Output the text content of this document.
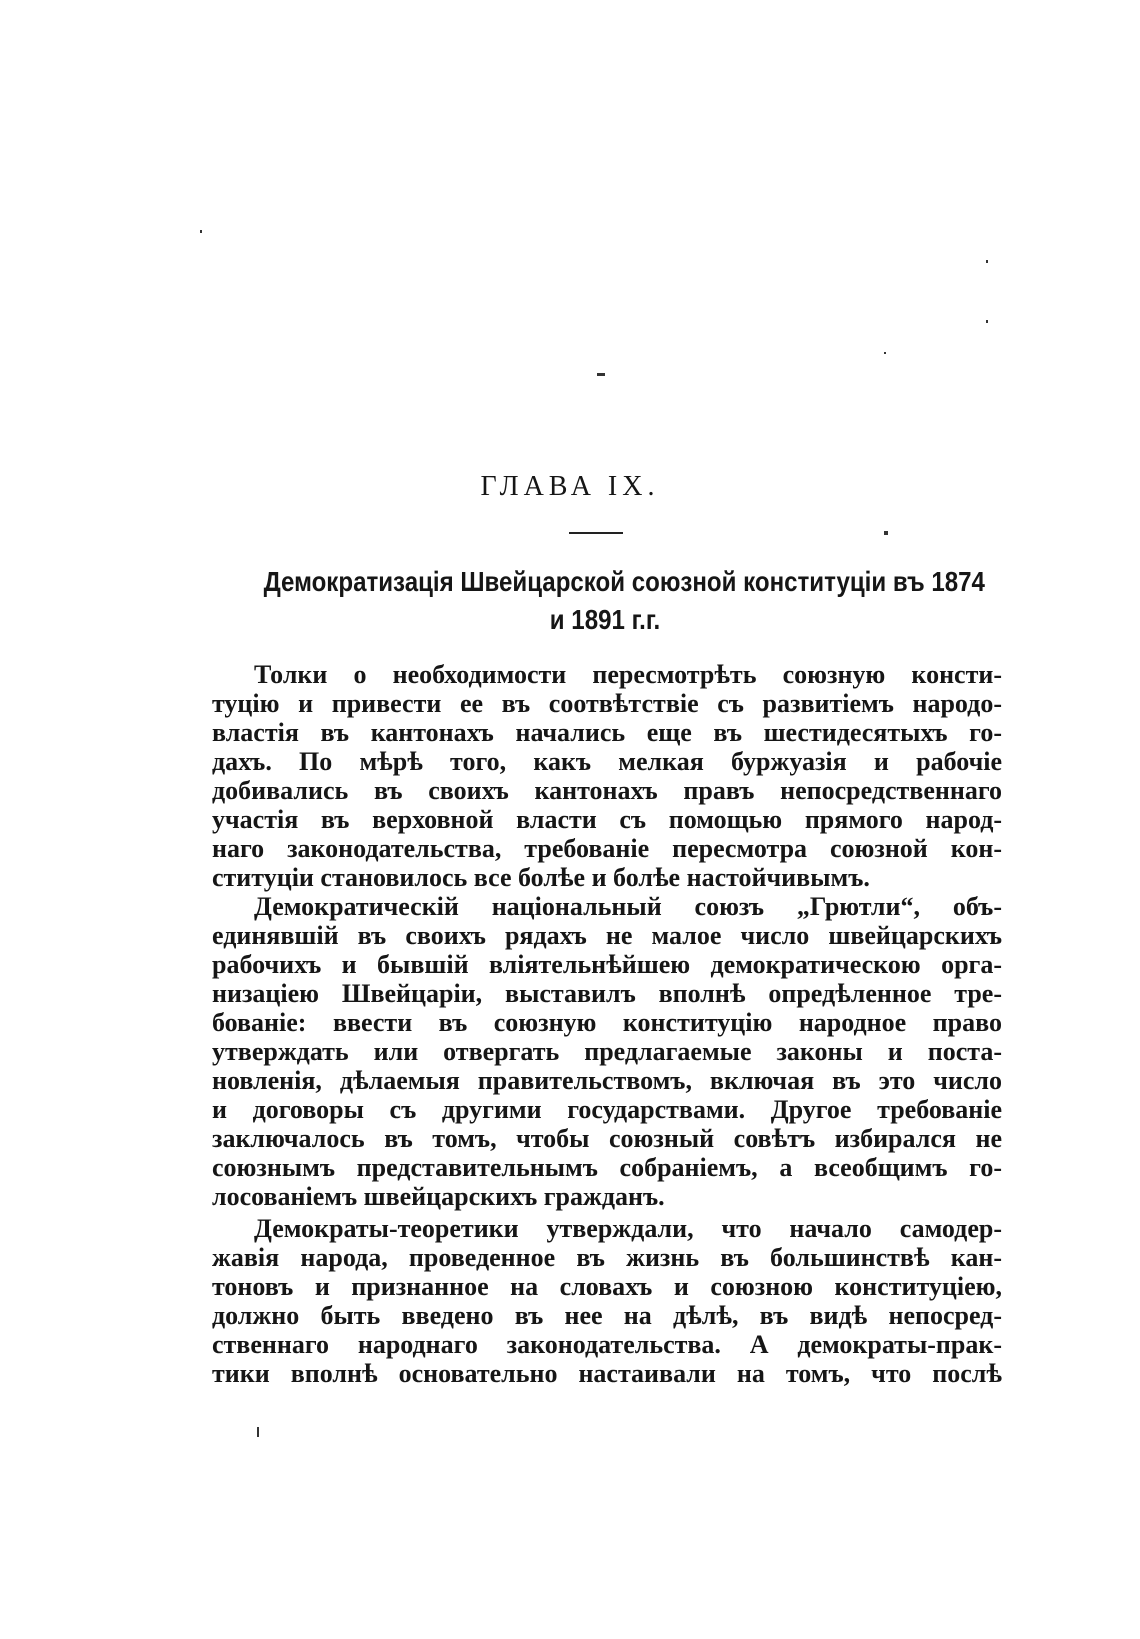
ГЛАВА IX.
Демократизація Швейцарской союзной конституціи въ 1874
и 1891 г.г.
Толки о необходимости пересмотрѣть союзную консти-
туцію и привести ее въ соотвѣтствіе съ развитіемъ народо-
властія въ кантонахъ начались еще въ шестидесятыхъ го-
дахъ. По мѣрѣ того, какъ мелкая буржуазія и рабочіе
добивались въ своихъ кантонахъ правъ непосредственнаго
участія въ верховной власти съ помощью прямого народ-
наго законодательства, требованіе пересмотра союзной кон-
ституціи становилось все болѣе и болѣе настойчивымъ.
Демократическій національный союзъ „Грютли“, объ-
единявшій въ своихъ рядахъ не малое число швейцарскихъ
рабочихъ и бывшій вліятельнѣйшею демократическою орга-
низаціею Швейцаріи, выставилъ вполнѣ опредѣленное тре-
бованіе: ввести въ союзную конституцію народное право
утверждать или отвергать предлагаемые законы и поста-
новленія, дѣлаемыя правительствомъ, включая въ это число
и договоры съ другими государствами. Другое требованіе
заключалось въ томъ, чтобы союзный совѣтъ избирался не
союзнымъ представительнымъ собраніемъ, а всеобщимъ го-
лосованіемъ швейцарскихъ гражданъ.
Демократы-теоретики утверждали, что начало самодер-
жавія народа, проведенное въ жизнь въ большинствѣ кан-
тоновъ и признанное на словахъ и союзною конституціею,
должно быть введено въ нее на дѣлѣ, въ видѣ непосред-
ственнаго народнаго законодательства. А демократы-прак-
тики вполнѣ основательно настаивали на томъ, что послѣ
